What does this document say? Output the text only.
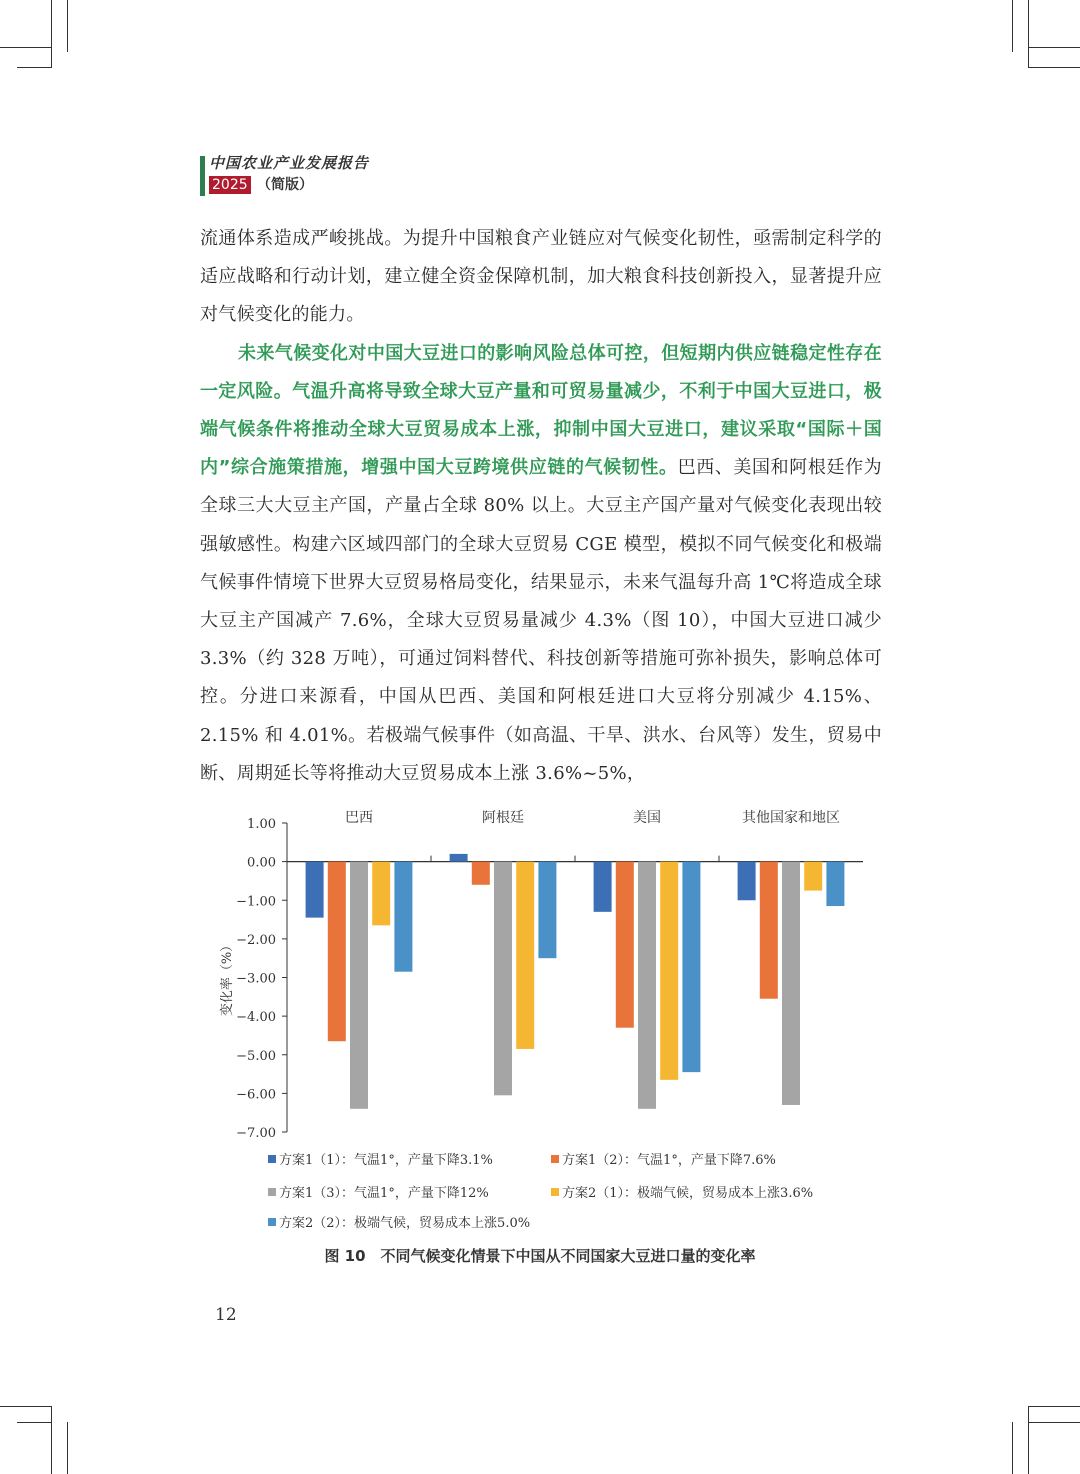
中国农业产业发展报告
2025 （简版）

流通体系造成严峻挑战。为提升中国粮食产业链应对气候变化韧性，亟需制定科学的适应战略和行动计划，建立健全资金保障机制，加大粮食科技创新投入，显著提升应对气候变化的能力。

未来气候变化对中国大豆进口的影响风险总体可控，但短期内供应链稳定性存在一定风险。气温升高将导致全球大豆产量和可贸易量减少，不利于中国大豆进口，极端气候条件将推动全球大豆贸易成本上涨，抑制中国大豆进口，建议采取“国际＋国内”综合施策措施，增强中国大豆跨境供应链的气候韧性。巴西、美国和阿根廷作为全球三大大豆主产国，产量占全球 80% 以上。大豆主产国产量对气候变化表现出较强敏感性。构建六区域四部门的全球大豆贸易 CGE 模型，模拟不同气候变化和极端气候事件情境下世界大豆贸易格局变化，结果显示，未来气温每升高 1℃将造成全球大豆主产国减产 7.6%，全球大豆贸易量减少 4.3%（图 10），中国大豆进口减少 3.3%（约 328 万吨），可通过饲料替代、科技创新等措施可弥补损失，影响总体可控。分进口来源看，中国从巴西、美国和阿根廷进口大豆将分别减少 4.15%、2.15% 和 4.01%。若极端气候事件（如高温、干旱、洪水、台风等）发生，贸易中断、周期延长等将推动大豆贸易成本上涨 3.6%~5%，

1.00
0.00
−1.00
−2.00
−3.00
−4.00
−5.00
−6.00
−7.00
变化率（%）
巴西	阿根廷	美国	其他国家和地区
方案1（1）：气温1°，产量下降3.1%	方案1（2）：气温1°，产量下降7.6%
方案1（3）：气温1°，产量下降12%	方案2（1）：极端气候，贸易成本上涨3.6%
方案2（2）：极端气候，贸易成本上涨5.0%
图 10　不同气候变化情景下中国从不同国家大豆进口量的变化率
12
